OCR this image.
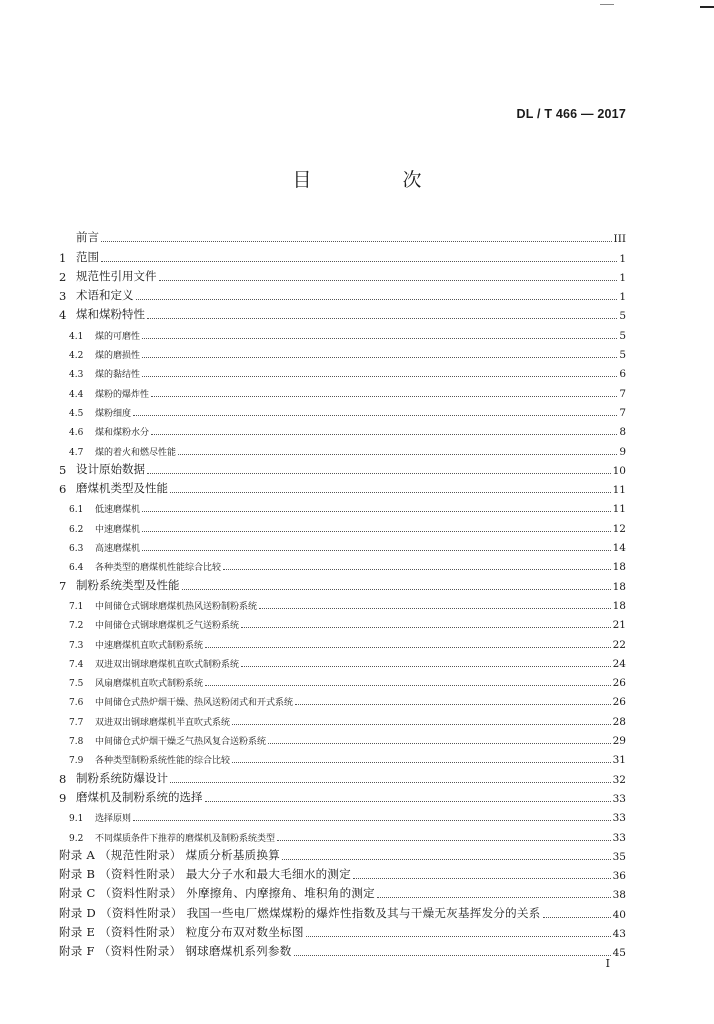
DL / T 466 — 2017
目　次
前言	III
1 范围	1
2 规范性引用文件	1
3 术语和定义	1
4 煤和煤粉特性	5
4.1	煤的可磨性	5
4.2	煤的磨损性	5
4.3	煤的黏结性	6
4.4	煤粉的爆炸性	7
4.5	煤粉细度	7
4.6	煤和煤粉水分	8
4.7	煤的着火和燃尽性能	9
5 设计原始数据	10
6 磨煤机类型及性能	11
6.1	低速磨煤机	11
6.2	中速磨煤机	12
6.3	高速磨煤机	14
6.4	各种类型的磨煤机性能综合比较	18
7 制粉系统类型及性能	18
7.1	中间储仓式钢球磨煤机热风送粉制粉系统	18
7.2	中间储仓式钢球磨煤机乏气送粉系统	21
7.3	中速磨煤机直吹式制粉系统	22
7.4	双进双出钢球磨煤机直吹式制粉系统	24
7.5	风扇磨煤机直吹式制粉系统	26
7.6	中间储仓式热炉烟干燥、热风送粉闭式和开式系统	26
7.7	双进双出钢球磨煤机半直吹式系统	28
7.8	中间储仓式炉烟干燥乏气热风复合送粉系统	29
7.9	各种类型制粉系统性能的综合比较	31
8 制粉系统防爆设计	32
9 磨煤机及制粉系统的选择	33
9.1	选择原则	33
9.2	不同煤质条件下推荐的磨煤机及制粉系统类型	33
附录 A （规范性附录） 煤质分析基质换算	35
附录 B （资料性附录） 最大分子水和最大毛细水的测定	36
附录 C （资料性附录） 外摩擦角、内摩擦角、堆积角的测定	38
附录 D （资料性附录） 我国一些电厂燃煤煤粉的爆炸性指数及其与干燥无灰基挥发分的关系	40
附录 E （资料性附录） 粒度分布双对数坐标图	43
附录 F （资料性附录） 钢球磨煤机系列参数	45
I
